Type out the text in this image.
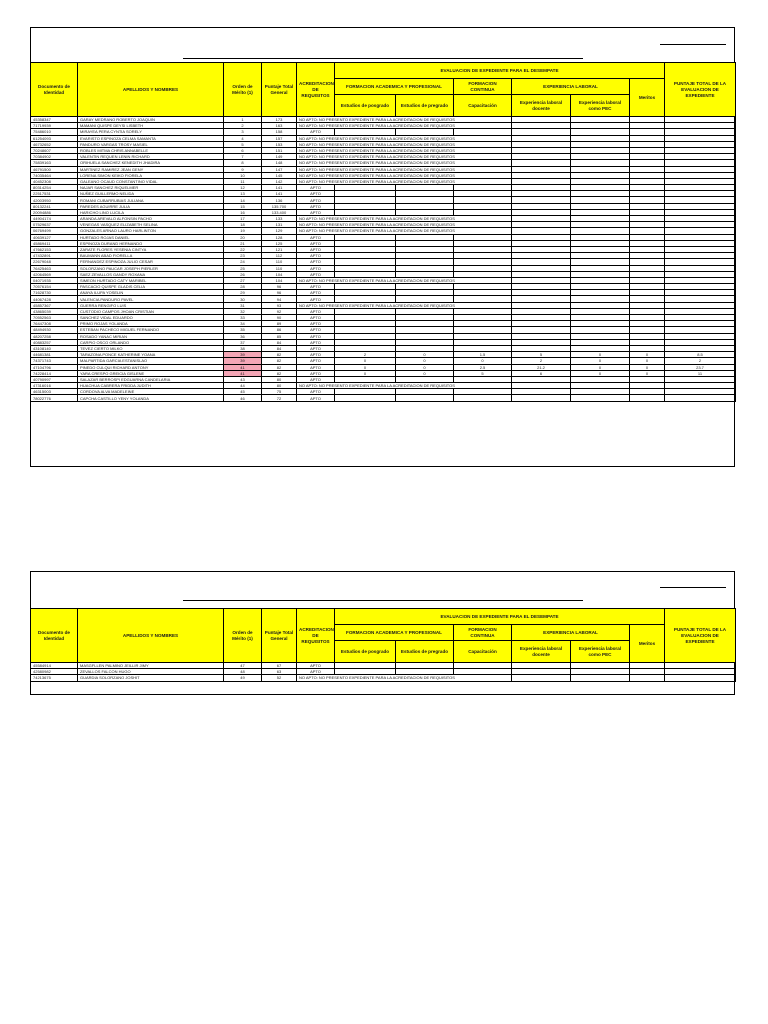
Documento de Identidad	APELLIDOS Y NOMBRES	Orden de Mérito (1)	Puntaje Total General	ACREDITACION DE REQUISITOS	EVALUACION DE EXPEDIENTE PARA EL DESEMPATE						PUNTAJE TOTAL DE LA EVALUACION DE EXPEDIENTE
					FORMACION ACADEMICA Y PROFESIONAL		FORMACION CONTINUA	EXPERIENCIA LABORAL		Meritos	
					Estudios de posgrado	Estudios de pregrado	Capacitación	Experiencia laboral docente	Experiencia laboral como PEC		
45358347	GARAY MEDRANO ROBERTO JOAQUIN	1	173	NO APTO: NO PRESENTO EXPEDIENTE PARA LA ACREDITACION DE REQUISITOS							
71719939	MAMANI QUISPE DEYSI LISBETH	2	163	NO APTO: NO PRESENTO EXPEDIENTE PARA LA ACREDITACION DE REQUISITOS							
75486010	MIRAYEA PERA CYNTIA SORELY	3	158	APTO							
61254093	EVARISTO ESPINOZA CELMA SAMANTA	4	157	NO APTO: NO PRESENTO EXPEDIENTE PARA LA ACREDITACION DE REQUISITOS							
46732652	PANDURO VARGAS TROSY MASIEL	5	153	NO APTO: NO PRESENTO EXPEDIENTE PARA LA ACREDITACION DE REQUISITOS							
70248607	ROBLES MITMA CHRIS ANNABELLE	6	151	NO APTO: NO PRESENTO EXPEDIENTE PARA LA ACREDITACION DE REQUISITOS							
70384902	VALENTIN REQUEN LENIN RICHARD	7	149	NO APTO: NO PRESENTO EXPEDIENTE PARA LA ACREDITACION DE REQUISITOS							
75839163	ORIHUELA SANCHEZ KENEDITH JHADIRA	8	148	NO APTO: NO PRESENTO EXPEDIENTE PARA LA ACREDITACION DE REQUISITOS							
46791500	MARTINEZ RAMIREZ JEAN GENY	9	147	NO APTO: NO PRESENTO EXPEDIENTE PARA LA ACREDITACION DE REQUISITOS							
74035464	LORENA SIMON KEIKO FIORELA	10	145	NO APTO: NO PRESENTO EXPEDIENTE PARA LA ACREDITACION DE REQUISITOS							
40452308	GALEANO OCAUD CONSTANTINO VIDAL	11	142	NO APTO: NO PRESENTO EXPEDIENTE PARA LA ACREDITACION DE REQUISITOS							
80314254	NAJAR SANCHEZ RIQUELMER	12	141	APTO							
22517531	NUÑEZ GUILLERMO NELIDA	13	141	APTO							
42003950	ROMANI CUBARRUBIAS JULIANA	14	136	APTO							
80132241	PAREDES AGUIRRE JULIA	15	135.700	APTO							
20094886	HARICHO LINO LUCILA	16	133.400	APTO							
44904174	ARANDA AREVALO ALFONSIN PACHO	17	133	NO APTO: NO PRESENTO EXPEDIENTE PARA LA ACREDITACION DE REQUISITOS							
07529637	VENEGAS VASQUEZ ELIZABETH SELINA	18	131	NO APTO: NO PRESENTO EXPEDIENTE PARA LA ACREDITACION DE REQUISITOS							
06769499	GONZALES ARNAO LAURO HARLINTON	19	129	NO APTO: NO PRESENTO EXPEDIENTE PARA LA ACREDITACION DE REQUISITOS							
40639127	HURTADO ROJAS DANIEL	20	128	APTO							
45869411	ESPINOZA DURAND HERNANDO	21	125	APTO							
47662153	ZARATE FLORES YESENIA CINTYA	22	121	APTO							
47432891	BAUMANN ABAD FIORELLA	23	112	APTO							
22679048	FERNANDEZ ESPINOZA JULIO CESAR	24	110	APTO							
76425463	SOLORZANO PAUCAR JOSEPH PIERLER	25	110	APTO							
42064569	SAEZ ZEVALLOS GANDY ROXANA	26	104	APTO							
04071935	SIMEON HURTADO CATY MARIBEL	27	104	NO APTO: NO PRESENTO EXPEDIENTE PARA LA ACREDITACION DE REQUISITOS							
70576154	PASCACIO QUISPE GLADIS CELIA	28	96	APTO							
71628730	ANAYA ILUPA YOSELIN	29	96	APTO							
44067428	VALENCIA PANDURO PAVEL	30	94	APTO							
45857367	GUERRA RENGIFO LUIS	31	93	NO APTO: NO PRESENTO EXPEDIENTE PARA LA ACREDITACION DE REQUISITOS							
43865039	CUSTODIO CAMPOS JHOAN CRISTIAN	32	92	APTO							
70552563	SANCHEZ VIDAL EDUARDO	33	90	APTO							
76447308	PRIMO ROJAS YOLANDA	34	89	APTO							
48494930	ESTEBAN PACHECO MIGUEL FERNANDO	35	86	APTO							
48207258	ROSADO YANAC MIRIAN	36	85	APTO							
40883257	CARPIO OSCO ORLANDO	37	84	APTO							
43108140	TEVEZ CIERTO MILKO	38	84	APTO							
44681381	TARAZONA PONCE KATHERINE YOANA	39	82	APTO	2	0	1.5	5	0	0	8.5
74371743	MALPARTIDA GARCIA ESTANISLAO	39	82	APTO	0	0	0	2	0	0	2
47104796	PINEDO CULQUI RICHARD ANTONY	41	82	APTO	0	0	2.5	21.2	0	0	23.7
74228414	YARA CRESPO GREICIA GISLENE	41	82	APTO	0	0	5	6	0	0	11
40790997	SALAZAR BERROSPI EDGUARNA CANDELARIA	43	80	APTO							
47316016	HUACHUA CABRERA FRIDDA JUDITH	44	80	NO APTO: NO PRESENTO EXPEDIENTE PARA LA ACREDITACION DE REQUISITOS							
46315003	CORDOVA ALVA MADELEINE	45	75	APTO							
78022776	CAPCHA CASTILLO YENY YOLANDA	46	72	APTO							
Documento de Identidad	APELLIDOS Y NOMBRES	Orden de Mérito (1)	Puntaje Total General	ACREDITACION DE REQUISITOS	EVALUACION DE EXPEDIENTE PARA EL DESEMPATE						PUNTAJE TOTAL DE LA EVALUACION DE EXPEDIENTE
					FORMACION ACADEMICA Y PROFESIONAL		FORMACION CONTINUA	EXPERIENCIA LABORAL		Meritos	
					Estudios de posgrado	Estudios de pregrado	Capacitación	Experiencia laboral docente	Experiencia laboral como PEC		
45584914	MASGFLLEN PALMINO JEILLIR JIMY	47	67	APTO							
42580982	ZEVALLOS FALCON HUGO	48	63	APTO							
74213675	GUARDIA SOLORZANO JOSHIT	49	52	NO APTO: NO PRESENTO EXPEDIENTE PARA LA ACREDITACION DE REQUISITOS							
